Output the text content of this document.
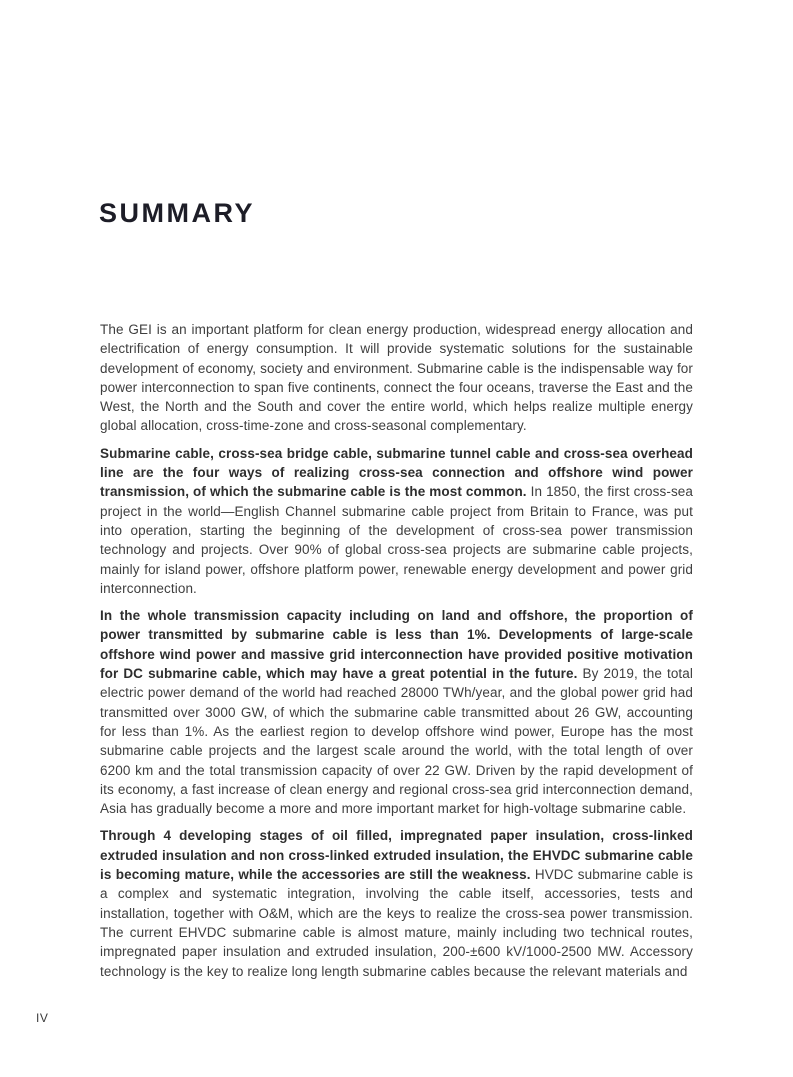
SUMMARY

The GEI is an important platform for clean energy production, widespread energy allocation and electrification of energy consumption. It will provide systematic solutions for the sustainable development of economy, society and environment. Submarine cable is the indispensable way for power interconnection to span five continents, connect the four oceans, traverse the East and the West, the North and the South and cover the entire world, which helps realize multiple energy global allocation, cross-time-zone and cross-seasonal complementary.

Submarine cable, cross-sea bridge cable, submarine tunnel cable and cross-sea overhead line are the four ways of realizing cross-sea connection and offshore wind power transmission, of which the submarine cable is the most common. In 1850, the first cross-sea project in the world—English Channel submarine cable project from Britain to France, was put into operation, starting the beginning of the development of cross-sea power transmission technology and projects. Over 90% of global cross-sea projects are submarine cable projects, mainly for island power, offshore platform power, renewable energy development and power grid interconnection.

In the whole transmission capacity including on land and offshore, the proportion of power transmitted by submarine cable is less than 1%. Developments of large-scale offshore wind power and massive grid interconnection have provided positive motivation for DC submarine cable, which may have a great potential in the future. By 2019, the total electric power demand of the world had reached 28000 TWh/year, and the global power grid had transmitted over 3000 GW, of which the submarine cable transmitted about 26 GW, accounting for less than 1%. As the earliest region to develop offshore wind power, Europe has the most submarine cable projects and the largest scale around the world, with the total length of over 6200 km and the total transmission capacity of over 22 GW. Driven by the rapid development of its economy, a fast increase of clean energy and regional cross-sea grid interconnection demand, Asia has gradually become a more and more important market for high-voltage submarine cable.

Through 4 developing stages of oil filled, impregnated paper insulation, cross-linked extruded insulation and non cross-linked extruded insulation, the EHVDC submarine cable is becoming mature, while the accessories are still the weakness. HVDC submarine cable is a complex and systematic integration, involving the cable itself, accessories, tests and installation, together with O&M, which are the keys to realize the cross-sea power transmission. The current EHVDC submarine cable is almost mature, mainly including two technical routes, impregnated paper insulation and extruded insulation, 200-±600 kV/1000-2500 MW. Accessory technology is the key to realize long length submarine cables because the relevant materials and

IV
